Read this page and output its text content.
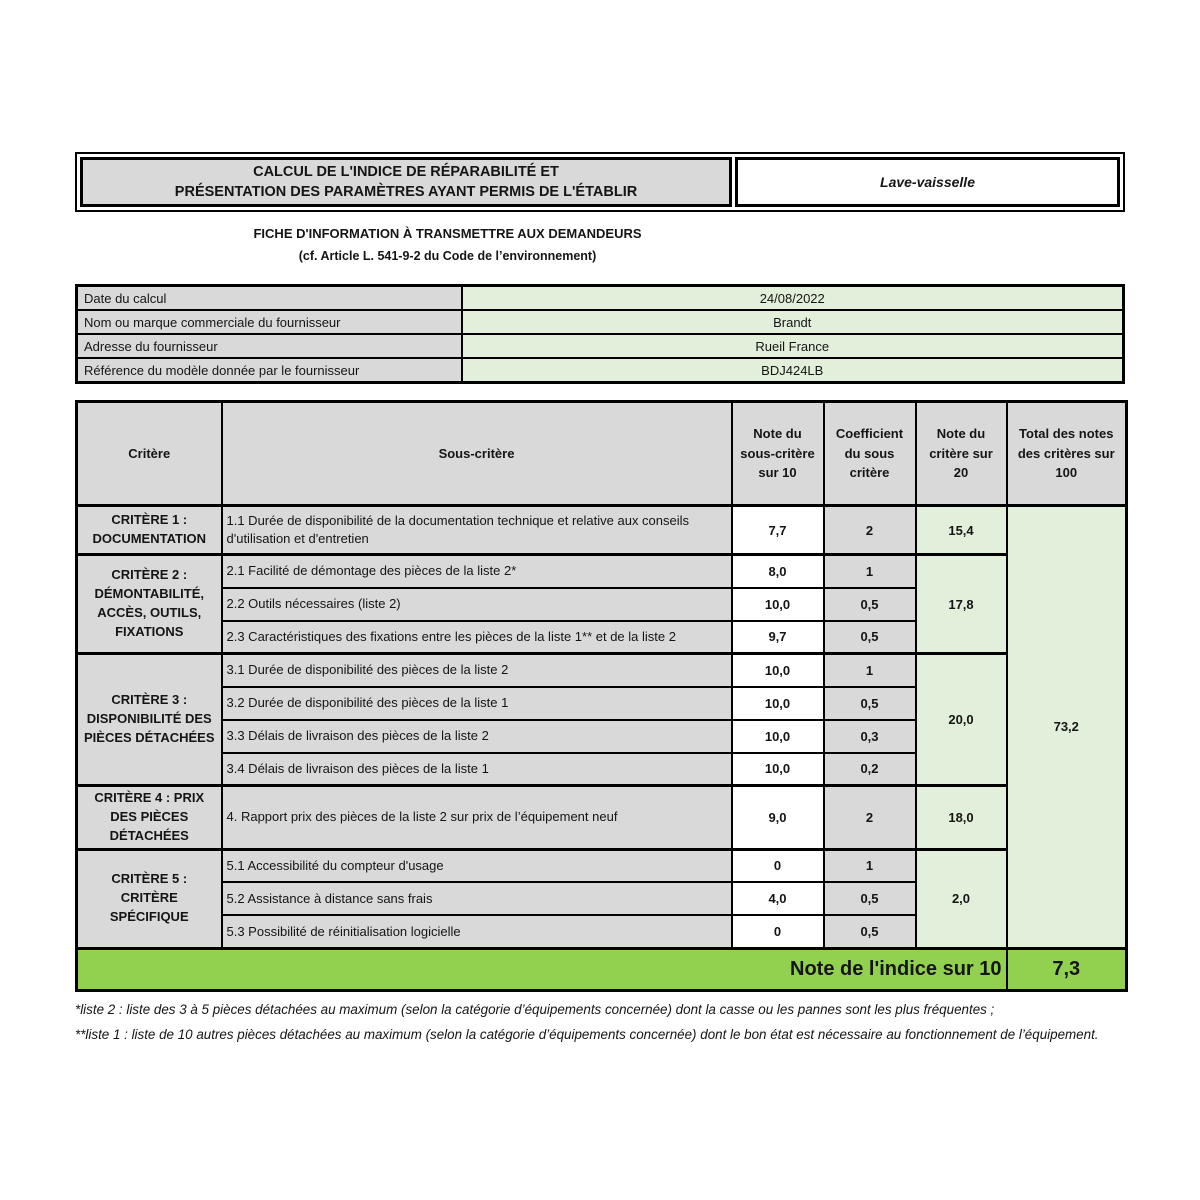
CALCUL DE L'INDICE DE RÉPARABILITÉ ET
PRÉSENTATION DES PARAMÈTRES AYANT PERMIS DE L'ÉTABLIR
Lave-vaisselle
FICHE D'INFORMATION À TRANSMETTRE AUX DEMANDEURS
(cf. Article L. 541-9-2 du Code de l’environnement)
Date du calcul	24/08/2022
Nom ou marque commerciale du fournisseur	Brandt
Adresse du fournisseur	Rueil France
Référence du modèle donnée par le fournisseur	BDJ424LB
Critère	Sous-critère	Note du sous-critère sur 10	Coefficient du sous critère	Note du critère sur 20	Total des notes des critères sur 100
CRITÈRE 1 : DOCUMENTATION	1.1 Durée de disponibilité de la documentation technique et relative aux conseils d'utilisation et d'entretien	7,7	2	15,4	73,2
CRITÈRE 2 : DÉMONTABILITÉ, ACCÈS, OUTILS, FIXATIONS	2.1 Facilité de démontage des pièces de la liste 2*	8,0	1	17,8	
	2.2 Outils nécessaires (liste 2)	10,0	0,5		
	2.3 Caractéristiques des fixations entre les pièces de la liste 1** et de la liste 2	9,7	0,5		
CRITÈRE 3 : DISPONIBILITÉ DES PIÈCES DÉTACHÉES	3.1 Durée de disponibilité des pièces de la liste 2	10,0	1	20,0	
	3.2 Durée de disponibilité des pièces de la liste 1	10,0	0,5		
	3.3 Délais de livraison des pièces de la liste 2	10,0	0,3		
	3.4 Délais de livraison des pièces de la liste 1	10,0	0,2		
CRITÈRE 4 : PRIX DES PIÈCES DÉTACHÉES	4. Rapport prix des pièces de la liste 2 sur prix de l’équipement neuf	9,0	2	18,0	
CRITÈRE 5 : CRITÈRE SPÉCIFIQUE	5.1 Accessibilité du compteur d'usage	0	1	2,0	
	5.2 Assistance à distance sans frais	4,0	0,5		
	5.3 Possibilité de réinitialisation logicielle	0	0,5		
Note de l'indice sur 10					7,3

*liste 2 : liste des 3 à 5 pièces détachées au maximum (selon la catégorie d’équipements concernée) dont la casse ou les pannes sont les plus fréquentes ;

**liste 1 : liste de 10 autres pièces détachées au maximum (selon la catégorie d’équipements concernée) dont le bon état est nécessaire au fonctionnement de l’équipement.
